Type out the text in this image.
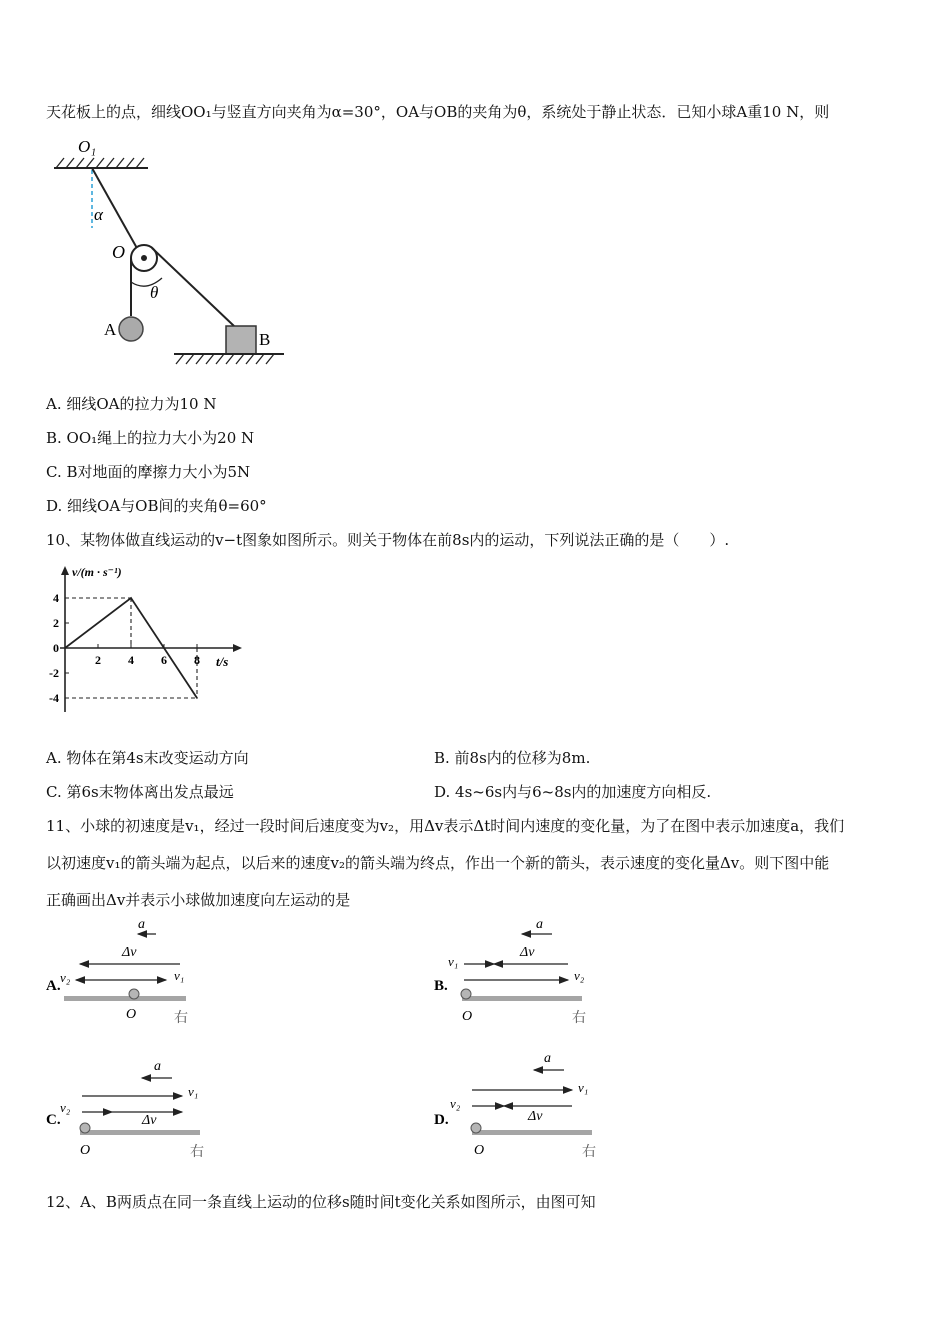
天花板上的点，细线OO₁与竖直方向夹角为α=30°，OA与OB的夹角为θ，系统处于静止状态．已知小球A重10 N，则
O₁
α
O
A
θ
B
A. 细线OA的拉力为10 N
B. OO₁绳上的拉力大小为20 N
C. B对地面的摩擦力大小为5N
D. 细线OA与OB间的夹角θ=60°
10、某物体做直线运动的v−t图象如图所示。则关于物体在前8s内的运动，下列说法正确的是（　　）.
v/(m · s⁻¹)
t/s
4
2
0
-2
-4
2 4 6 8
A. 物体在第4s末改变运动方向	B. 前8s内的位移为8m.
C. 第6s末物体离出发点最远	D. 4s~6s内与6~8s内的加速度方向相反.
11、小球的初速度是v₁，经过一段时间后速度变为v₂，用Δv表示Δt时间内速度的变化量，为了在图中表示加速度a，我们
以初速度v₁的箭头端为起点，以后来的速度v₂的箭头端为终点，作出一个新的箭头，表示速度的变化量Δv。则下图中能
正确画出Δv并表示小球做加速度向左运动的是
A.
a
Δv
v₂	v₁
O	右
B.
a
Δv
v₁
v₂
O	右
C.
a
v₁
v₂
Δv
O	右
D.
a
v₁
v₂
Δv
O	右
12、A、B两质点在同一条直线上运动的位移s随时间t变化关系如图所示，由图可知
